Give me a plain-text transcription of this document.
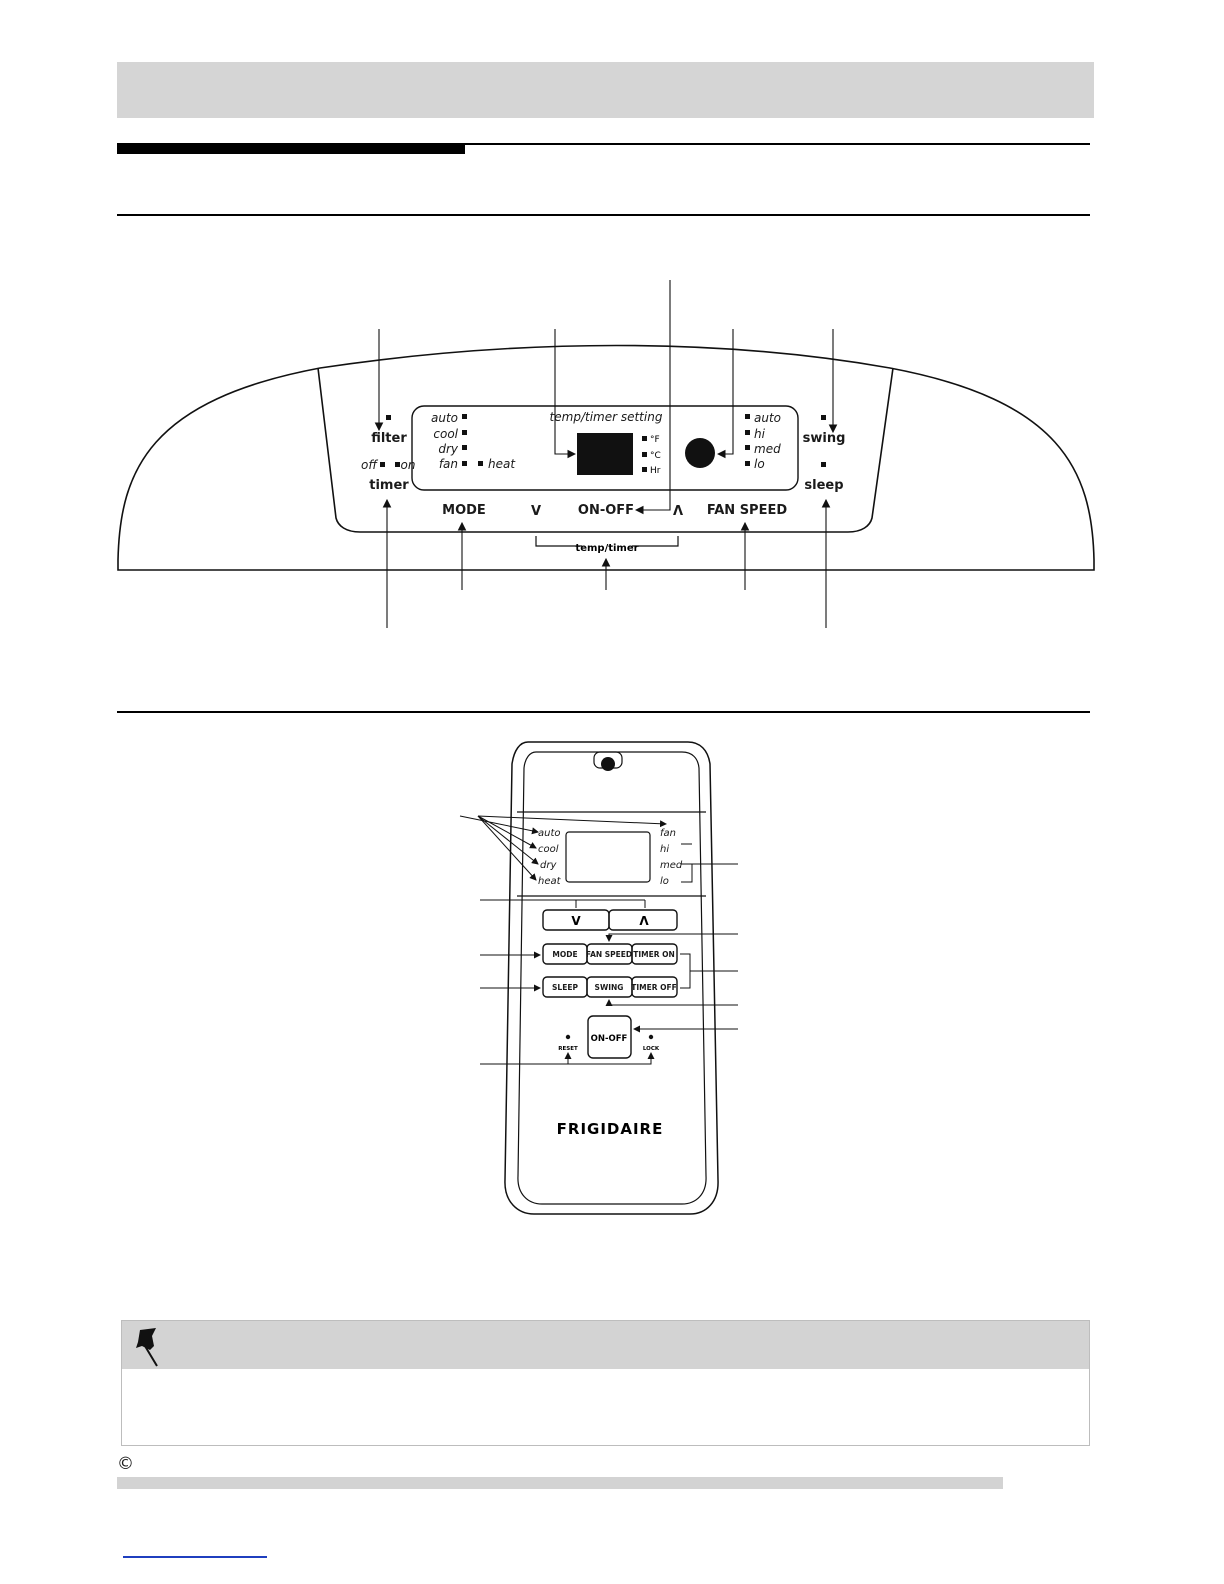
auto
cool
dry
fan	heat
temp/timer setting
°F
°C
Hr
auto
hi
med
lo
filter
off on
timer
swing
sleep
MODE	V	ON-OFF	Λ FAN SPEED
temp/timer
auto
cool
dry
heat
fan
hi
med
lo
V	Λ
MODE FAN SPEED TIMER ON
SLEEP SWING TIMER OFF
ON-OFF
RESET	LOCK
FRIGIDAIRE
©
